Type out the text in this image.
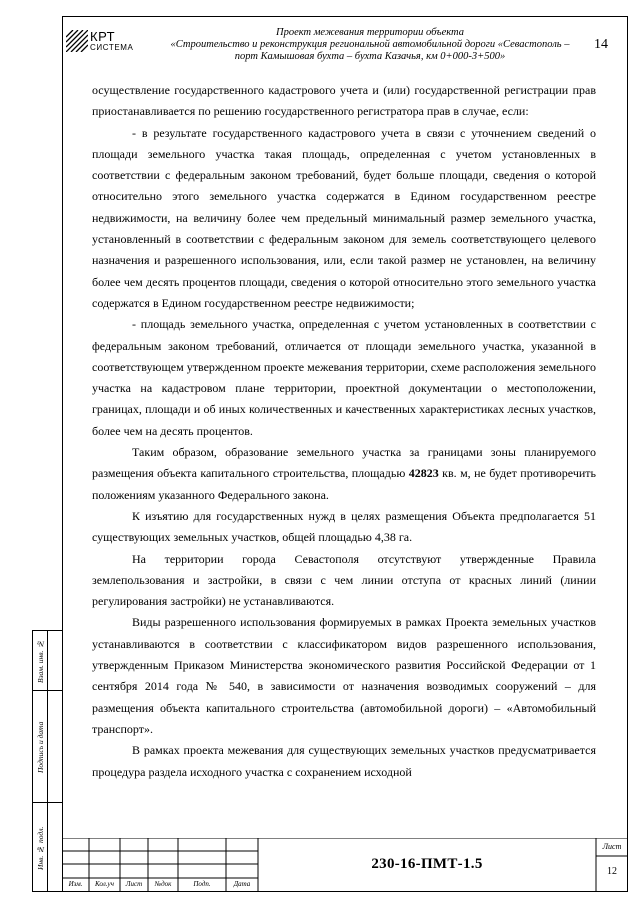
КРТ
СИСТЕМА
Проект межевания территории объекта
«Строительство и реконструкция региональной автомобильной дороги «Севастополь –
порт Камышовая бухта – бухта Казачья, км 0+000-3+500»
14

осуществление государственного кадастрового учета и (или) государственной регистрации прав приостанавливается по решению государственного регистратора прав в случае, если:

- в результате государственного кадастрового учета в связи с уточнением сведений о площади земельного участка такая площадь, определенная с учетом установленных в соответствии с федеральным законом требований, будет больше площади, сведения о которой относительно этого земельного участка содержатся в Едином государственном реестре недвижимости, на величину более чем предельный минимальный размер земельного участка, установленный в соответствии с федеральным законом для земель соответствующего целевого назначения и разрешенного использования, или, если такой размер не установлен, на величину более чем десять процентов площади, сведения о которой относительно этого земельного участка содержатся в Едином государственном реестре недвижимости;

- площадь земельного участка, определенная с учетом установленных в соответствии с федеральным законом требований, отличается от площади земельного участка, указанной в соответствующем утвержденном проекте межевания территории, схеме расположения земельного участка на кадастровом плане территории, проектной документации о местоположении, границах, площади и об иных количественных и качественных характеристиках лесных участков, более чем на десять процентов.

Таким образом, образование земельного участка за границами зоны планируемого размещения объекта капитального строительства, площадью 42823 кв. м, не будет противоречить положениям указанного Федерального закона.

К изъятию для государственных нужд в целях размещения Объекта предполагается 51 существующих земельных участков, общей площадью 4,38 га.

На территории города Севастополя отсутствуют утвержденные Правила землепользования и застройки, в связи с чем линии отступа от красных линий (линии регулирования застройки) не устанавливаются.

Виды разрешенного использования формируемых в рамках Проекта земельных участков устанавливаются в соответствии с классификатором видов разрешенного использования, утвержденным Приказом Министерства экономического развития Российской Федерации от 1 сентября 2014 года № 540, в зависимости от назначения возводимых сооружений – для размещения объекта капитального строительства (автомобильной дороги) – «Автомобильный транспорт».

В рамках проекта межевания для существующих земельных участков предусматривается процедура раздела исходного участка с сохранением исходной

Взам. инв. №
Подпись и дата
Инв. № подл.
Изм.	Кол.уч	Лист	№док	Подп.	Дата
230-16-ПМТ-1.5
Лист
12
